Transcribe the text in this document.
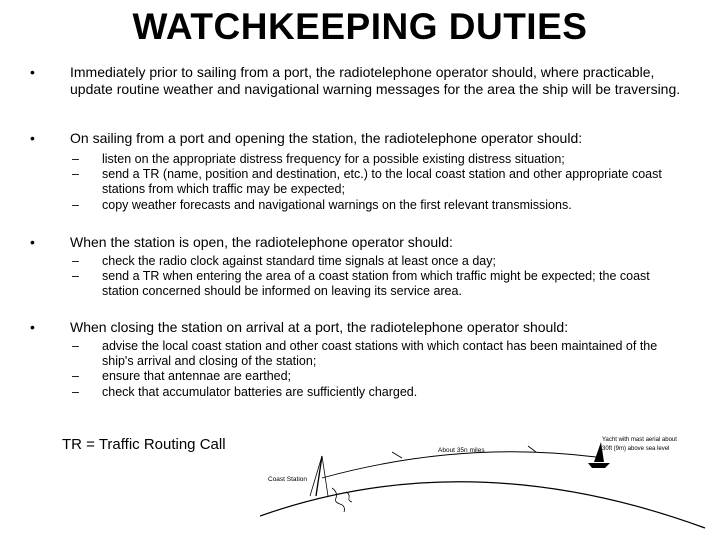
WATCHKEEPING DUTIES
•	Immediately prior to sailing from a port, the radiotelephone operator should, where practicable, update routine weather and navigational warning messages for the area the ship will be traversing.
•	On sailing from a port and opening the station, the radiotelephone operator should:
– listen on the appropriate distress frequency for a possible existing distress situation;
– send a TR (name, position and destination, etc.) to the local coast station and other appropriate coast stations from which traffic may be expected;
– copy weather forecasts and navigational warnings on the first relevant transmissions.
•	When the station is open, the radiotelephone operator should:
– check the radio clock against standard time signals at least once a day;
– send a TR when entering the area of a coast station from which traffic might be expected; the coast station concerned should be informed on leaving its service area.
•	When closing the station on arrival at a port, the radiotelephone operator should:
– advise the local coast station and other coast stations with which contact has been maintained of the ship's arrival and closing of the station;
– ensure that antennae are earthed;
– check that accumulator batteries are sufficiently charged.
TR = Traffic Routing Call
Coast Station
About 35n miles
Yacht with mast aerial about
30ft (9m) above sea level
